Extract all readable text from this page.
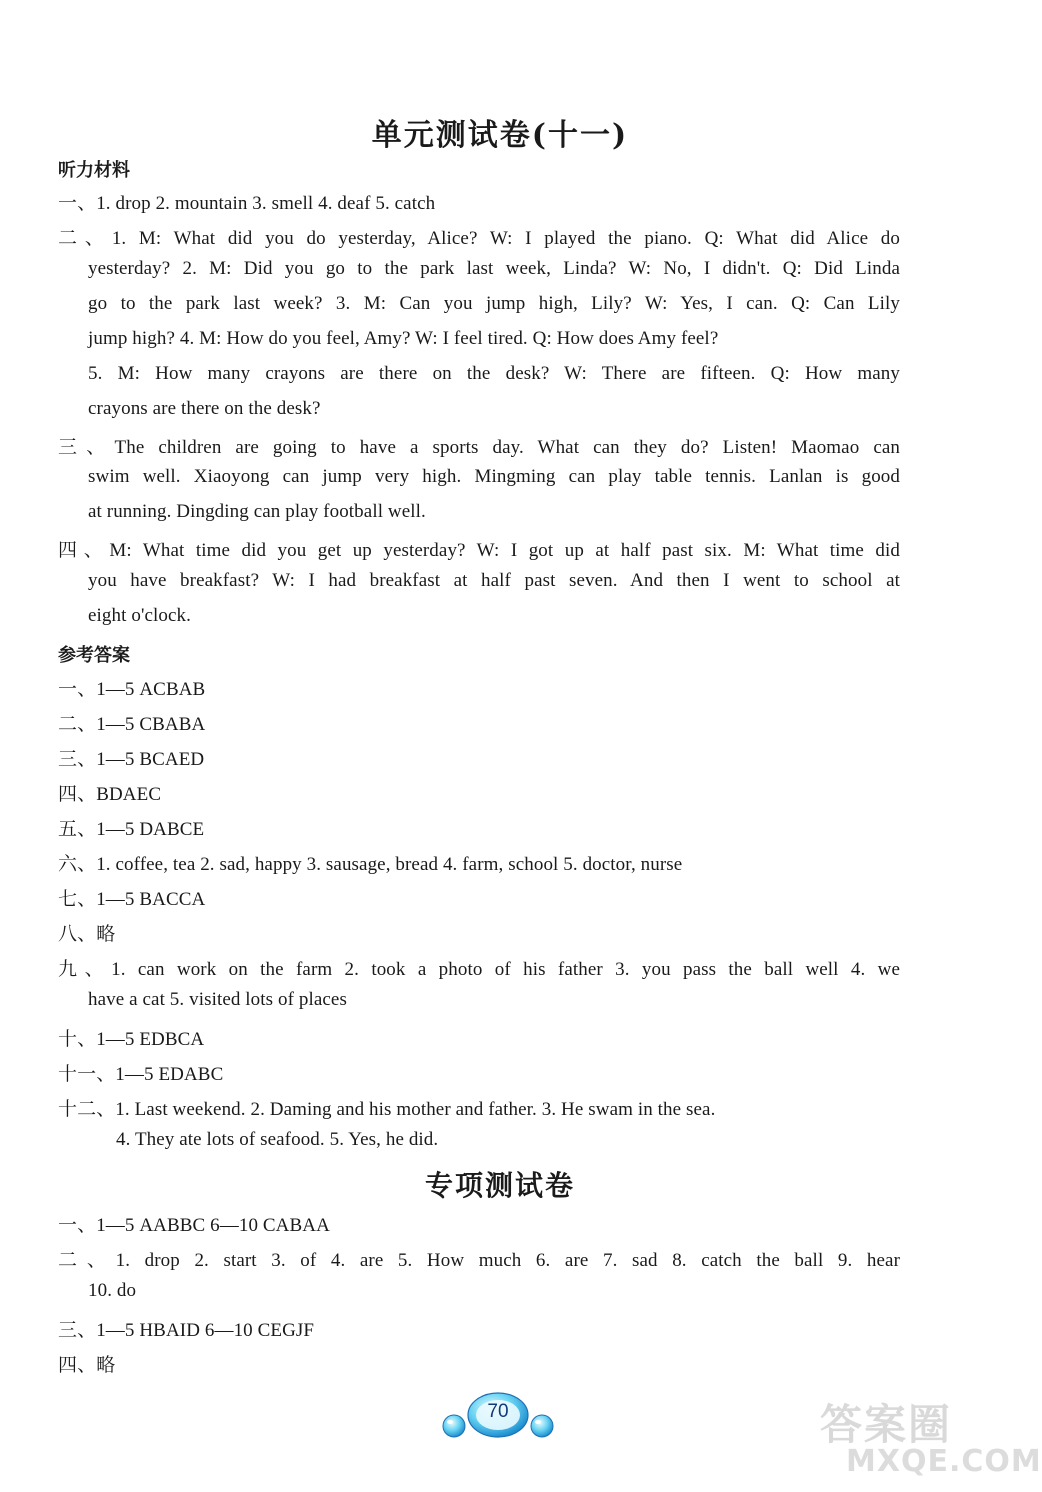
单元测试卷(十一)
听力材料
一、1. drop 2. mountain 3. smell 4. deaf 5. catch
二、1. M: What did you do yesterday, Alice? W: I played the piano. Q: What did Alice do
yesterday? 2. M: Did you go to the park last week, Linda? W: No, I didn't. Q: Did Linda
go to the park last week? 3. M: Can you jump high, Lily? W: Yes, I can. Q: Can Lily
jump high? 4. M: How do you feel, Amy? W: I feel tired. Q: How does Amy feel?
5. M: How many crayons are there on the desk? W: There are fifteen. Q: How many
crayons are there on the desk?
三、The children are going to have a sports day. What can they do? Listen! Maomao can
swim well. Xiaoyong can jump very high. Mingming can play table tennis. Lanlan is good
at running. Dingding can play football well.
四、M: What time did you get up yesterday? W: I got up at half past six. M: What time did
you have breakfast? W: I had breakfast at half past seven. And then I went to school at
eight o'clock.
参考答案
一、1—5 ACBAB
二、1—5 CBABA
三、1—5 BCAED
四、BDAEC
五、1—5 DABCE
六、1. coffee, tea 2. sad, happy 3. sausage, bread 4. farm, school 5. doctor, nurse
七、1—5 BACCA
八、略
九、1. can work on the farm 2. took a photo of his father 3. you pass the ball well 4. we
have a cat 5. visited lots of places
十、1—5 EDBCA
十一、1—5 EDABC
十二、1. Last weekend. 2. Daming and his mother and father. 3. He swam in the sea.
4. They ate lots of seafood. 5. Yes, he did.
专项测试卷
一、1—5 AABBC 6—10 CABAA
二、1. drop 2. start 3. of 4. are 5. How much 6. are 7. sad 8. catch the ball 9. hear
10. do
三、1—5 HBAID 6—10 CEGJF
四、略
70	答案圈
MXQE.COM
